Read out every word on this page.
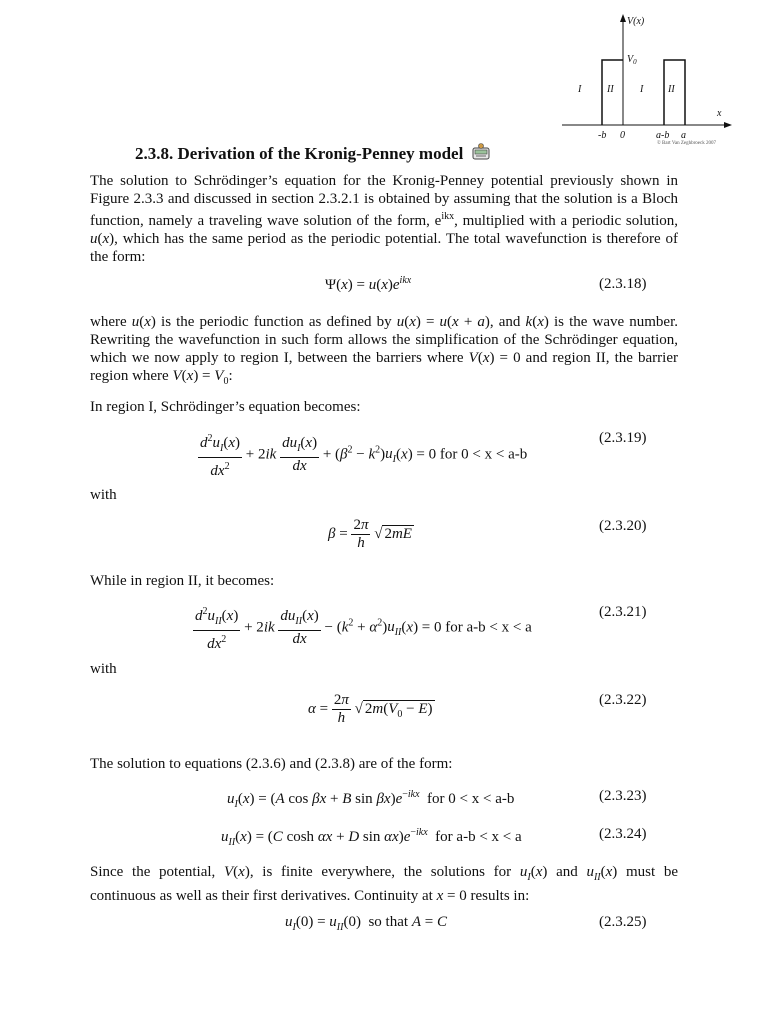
V(x)
x
$V_0$
I	II	I II
-b 0	a-b a
© Bart Van Zeghbroeck 2007
2.3.8. Derivation of the Kronig-Penney model
The solution to Schrödinger’s equation for the Kronig-Penney potential previously shown in Figure 2.3.3 and discussed in section 2.3.2.1 is obtained by assuming that the solution is a Bloch function, namely a traveling wave solution of the form, $e^{ikx}$, multiplied with a periodic solution, u(x), which has the same period as the periodic potential. The total wavefunction is therefore of the form:
$\Psi(x) = u(x)e^{ikx}$	(2.3.18)
where u(x) is the periodic function as defined by u(x) = u(x + a), and k(x) is the wave number. Rewriting the wavefunction in such form allows the simplification of the Schrödinger equation, which we now apply to region I, between the barriers where V(x) = 0 and region II, the barrier region where $V(x) = V_0$:
In region I, Schrödinger’s equation becomes:
$\frac{d^2u_I(x)}{dx^2} + 2ik \frac{du_I(x)}{dx} + (\beta^2 - k^2)u_I(x) = 0$ for 0 < x < a-b
(2.3.19)
with
$\beta = \frac{2\pi}{h}$ √ 2mE	(2.3.20)
While in region II, it becomes:
$\frac{d^2u_{II}(x)}{dx^2} + 2ik \frac{du_{II}(x)}{dx} - (k^2 + \alpha^2)u_{II}(x) = 0$ for a-b < x < a
(2.3.21)
with
$\alpha = \frac{2\pi}{h}$ √ $2m(V_0 - E)$
(2.3.22)
The solution to equations (2.3.6) and (2.3.8) are of the form:
$u_I(x) = (A$ cos βx + B $\sin \beta x)e^{-ikx}$ for 0 < x < a-b	(2.3.23)
$u_{II}(x) = (C$ cosh αx + D $\sin \alpha x)e^{-ikx}$ for a-b < x < a	(2.3.24)
Since the potential, V(x), is finite everywhere, the solutions for $u_I(x)$ and $u_{II}(x)$ must be continuous as well as their first derivatives. Continuity at x = 0 results in:
$u_I(0) = u_{II}(0)$  so that A = C	(2.3.25)
